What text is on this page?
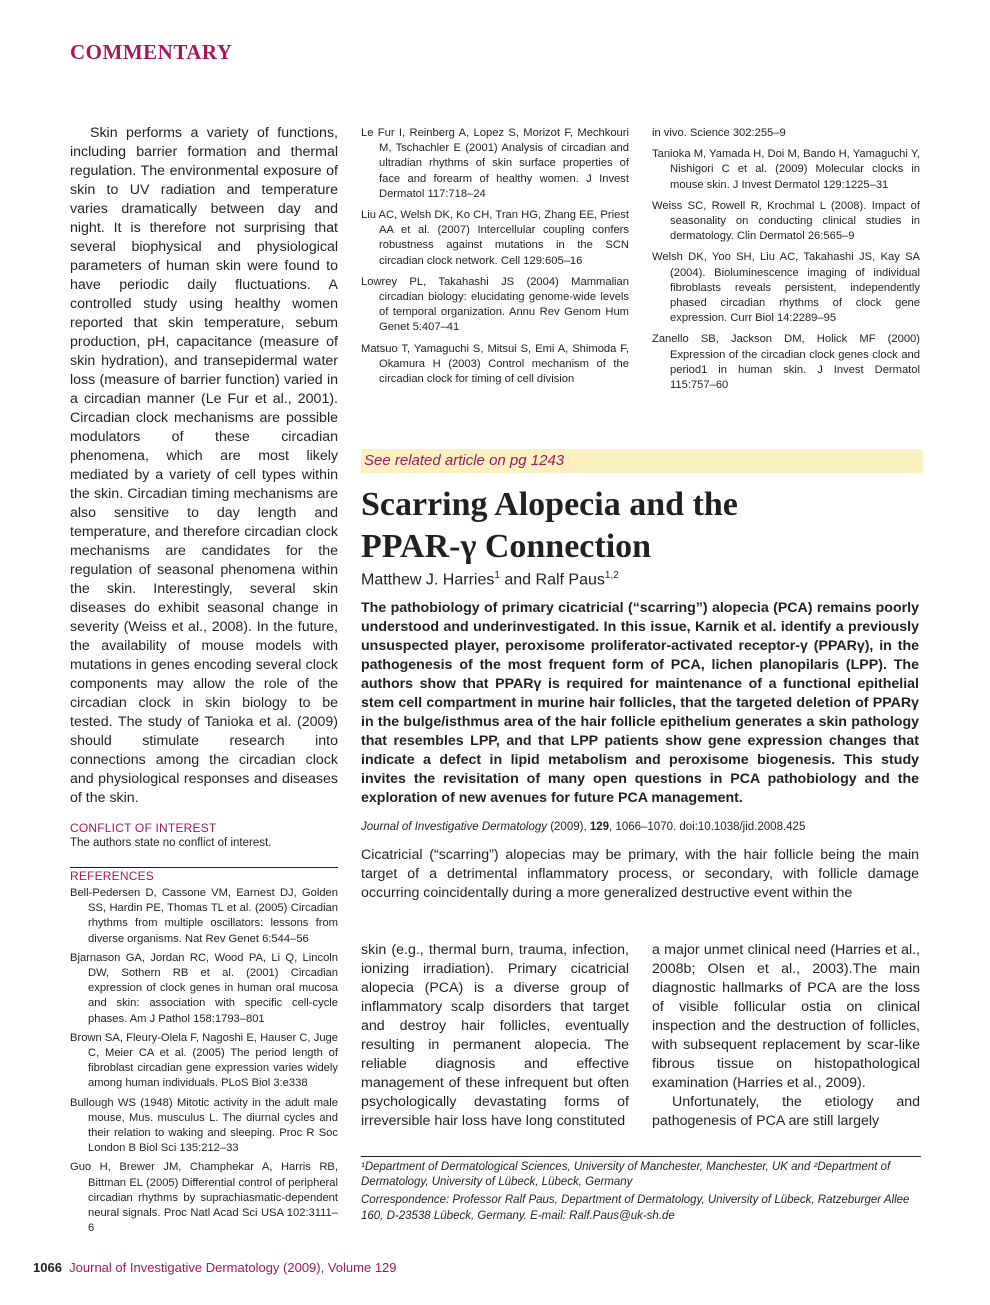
COMMENTARY

Skin performs a variety of functions, including barrier formation and thermal regulation. The environmental exposure of skin to UV radiation and temperature varies dramatically between day and night. It is therefore not surprising that several biophysical and physiological parameters of human skin were found to have periodic daily fluctuations. A controlled study using healthy women reported that skin temperature, sebum production, pH, capacitance (measure of skin hydration), and transepidermal water loss (measure of barrier function) varied in a circadian manner (Le Fur et al., 2001). Circadian clock mechanisms are possible modulators of these circadian phenomena, which are most likely mediated by a variety of cell types within the skin. Circadian timing mechanisms are also sensitive to day length and temperature, and therefore circadian clock mechanisms are candidates for the regulation of seasonal phenomena within the skin. Interestingly, several skin diseases do exhibit seasonal change in severity (Weiss et al., 2008). In the future, the availability of mouse models with mutations in genes encoding several clock components may allow the role of the circadian clock in skin biology to be tested. The study of Tanioka et al. (2009) should stimulate research into connections among the circadian clock and physiological responses and diseases of the skin.

CONFLICT OF INTEREST
The authors state no conflict of interest.
REFERENCES
Bell-Pedersen D, Cassone VM, Earnest DJ, Golden SS, Hardin PE, Thomas TL et al. (2005) Circadian rhythms from multiple oscillators: lessons from diverse organisms. Nat Rev Genet 6:544–56
Bjarnason GA, Jordan RC, Wood PA, Li Q, Lincoln DW, Sothern RB et al. (2001) Circadian expression of clock genes in human oral mucosa and skin: association with specific cell-cycle phases. Am J Pathol 158:1793–801
Brown SA, Fleury-Olela F, Nagoshi E, Hauser C, Juge C, Meier CA et al. (2005) The period length of fibroblast circadian gene expression varies widely among human individuals. PLoS Biol 3:e338
Bullough WS (1948) Mitotic activity in the adult male mouse, Mus. musculus L. The diurnal cycles and their relation to waking and sleeping. Proc R Soc London B Biol Sci 135:212–33
Guo H, Brewer JM, Champhekar A, Harris RB, Bittman EL (2005) Differential control of peripheral circadian rhythms by suprachiasmatic-dependent neural signals. Proc Natl Acad Sci USA 102:3111–6
Le Fur I, Reinberg A, Lopez S, Morizot F, Mechkouri M, Tschachler E (2001) Analysis of circadian and ultradian rhythms of skin surface properties of face and forearm of healthy women. J Invest Dermatol 117:718–24
Liu AC, Welsh DK, Ko CH, Tran HG, Zhang EE, Priest AA et al. (2007) Intercellular coupling confers robustness against mutations in the SCN circadian clock network. Cell 129:605–16
Lowrey PL, Takahashi JS (2004) Mammalian circadian biology: elucidating genome-wide levels of temporal organization. Annu Rev Genom Hum Genet 5:407–41
Matsuo T, Yamaguchi S, Mitsui S, Emi A, Shimoda F, Okamura H (2003) Control mechanism of the circadian clock for timing of cell division
in vivo. Science 302:255–9
Tanioka M, Yamada H, Doi M, Bando H, Yamaguchi Y, Nishigori C et al. (2009) Molecular clocks in mouse skin. J Invest Dermatol 129:1225–31
Weiss SC, Rowell R, Krochmal L (2008). Impact of seasonality on conducting clinical studies in dermatology. Clin Dermatol 26:565–9
Welsh DK, Yoo SH, Liu AC, Takahashi JS, Kay SA (2004). Bioluminescence imaging of individual fibroblasts reveals persistent, independently phased circadian rhythms of clock gene expression. Curr Biol 14:2289–95
Zanello SB, Jackson DM, Holick MF (2000) Expression of the circadian clock genes clock and period1 in human skin. J Invest Dermatol 115:757–60
See related article on pg 1243
Scarring Alopecia and the
PPAR-γ Connection
Matthew J. Harries$^1$ and Ralf Paus$^{1,2}$
The pathobiology of primary cicatricial (“scarring”) alopecia (PCA) remains poorly understood and underinvestigated. In this issue, Karnik et al. identify a previously unsuspected player, peroxisome proliferator-activated receptor-γ (PPARγ), in the pathogenesis of the most frequent form of PCA, lichen planopilaris (LPP). The authors show that PPARγ is required for maintenance of a functional epithelial stem cell compartment in murine hair follicles, that the targeted deletion of PPARγ in the bulge/isthmus area of the hair follicle epithelium generates a skin pathology that resembles LPP, and that LPP patients show gene expression changes that indicate a defect in lipid metabolism and peroxisome biogenesis. This study invites the revisitation of many open questions in PCA pathobiology and the exploration of new avenues for future PCA management.
Journal of Investigative Dermatology (2009), 129, 1066–1070. doi:10.1038/jid.2008.425
Cicatricial (“scarring”) alopecias may be primary, with the hair follicle being the main target of a detrimental inflammatory process, or secondary, with follicle damage occurring coincidentally during a more generalized destructive event within the
skin (e.g., thermal burn, trauma, infection, ionizing irradiation). Primary cicatricial alopecia (PCA) is a diverse group of inflammatory scalp disorders that target and destroy hair follicles, eventually resulting in permanent alopecia. The reliable diagnosis and effective management of these infrequent but often psychologically devastating forms of irreversible hair loss have long constituted

a major unmet clinical need (Harries et al., 2008b; Olsen et al., 2003).The main diagnostic hallmarks of PCA are the loss of visible follicular ostia on clinical inspection and the destruction of follicles, with subsequent replacement by scar-like fibrous tissue on histopathological examination (Harries et al., 2009).

Unfortunately, the etiology and pathogenesis of PCA are still largely

¹Department of Dermatological Sciences, University of Manchester, Manchester, UK and ²Department of Dermatology, University of Lübeck, Lübeck, Germany

Correspondence: Professor Ralf Paus, Department of Dermatology, University of Lübeck, Ratzeburger Allee 160, D-23538 Lübeck, Germany. E-mail: Ralf.Paus@uk-sh.de

1066 Journal of Investigative Dermatology (2009), Volume 129
